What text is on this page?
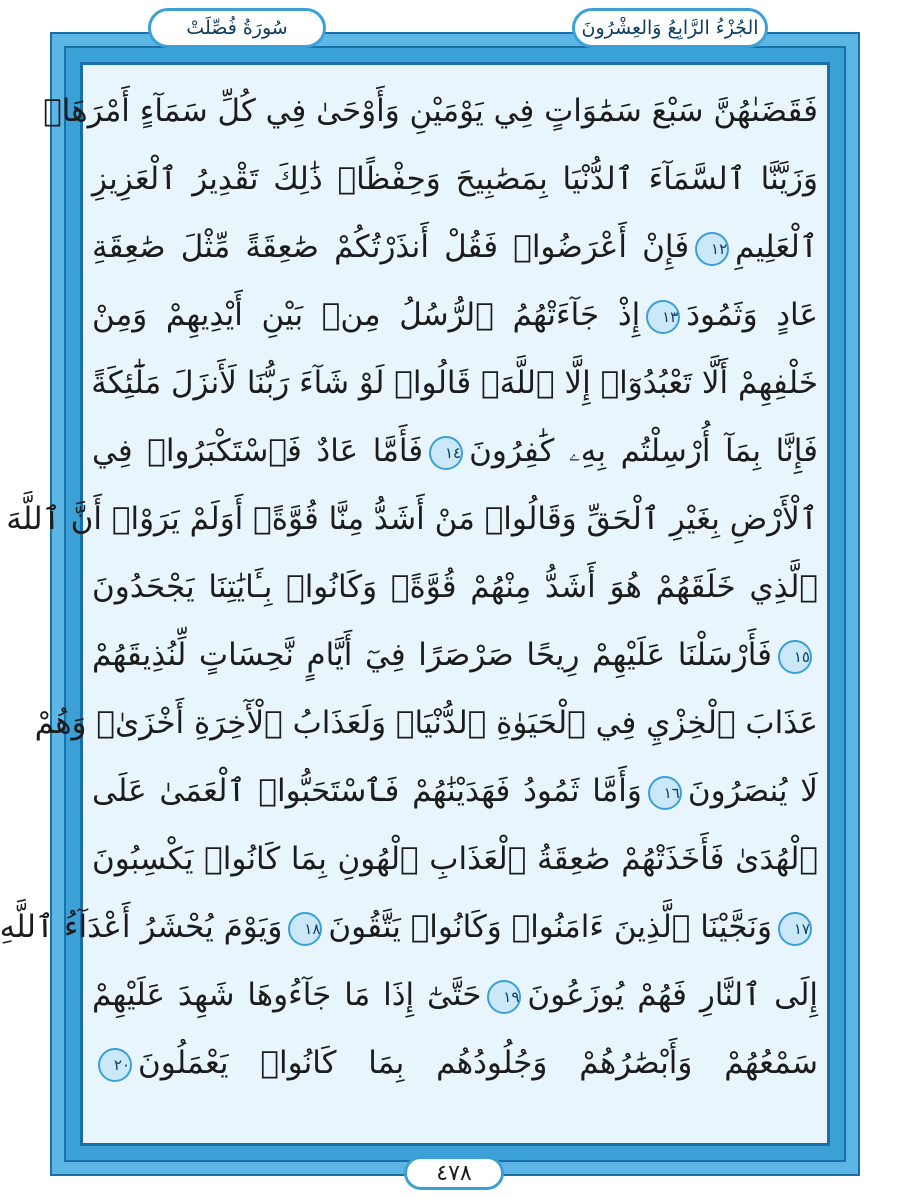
سُورَةُ فُصِّلَتْ	الجُزْءُ الرَّابِعُ وَالعِشْرُونَ
فَقَضَىٰهُنَّ سَبْعَ سَمَٰوَاتٍ فِي يَوْمَيْنِ وَأَوْحَىٰ فِي كُلِّ سَمَآءٍ أَمْرَهَاۚ
وَزَيَّنَّا ٱلسَّمَآءَ ٱلدُّنْيَا بِمَصَٰبِيحَ وَحِفْظًاۚ ذَٰلِكَ تَقْدِيرُ ٱلْعَزِيزِ
ٱلْعَلِيمِ١٢فَإِنْ أَعْرَضُوا۟ فَقُلْ أَنذَرْتُكُمْ صَٰعِقَةً مِّثْلَ صَٰعِقَةِ
عَادٍ وَثَمُودَ١٣إِذْ جَآءَتْهُمُ ٱلرُّسُلُ مِنۢ بَيْنِ أَيْدِيهِمْ وَمِنْ
خَلْفِهِمْ أَلَّا تَعْبُدُوٓا۟ إِلَّا ٱللَّهَۖ قَالُوا۟ لَوْ شَآءَ رَبُّنَا لَأَنزَلَ مَلَٰٓئِكَةً
فَإِنَّا بِمَآ أُرْسِلْتُم بِهِۦ كَٰفِرُونَ١٤فَأَمَّا عَادٌ فَٱسْتَكْبَرُوا۟ فِي
ٱلْأَرْضِ بِغَيْرِ ٱلْحَقِّ وَقَالُوا۟ مَنْ أَشَدُّ مِنَّا قُوَّةًۖ أَوَلَمْ يَرَوْا۟ أَنَّ ٱللَّهَ
ٱلَّذِي خَلَقَهُمْ هُوَ أَشَدُّ مِنْهُمْ قُوَّةًۖ وَكَانُوا۟ بِـَٔايَٰتِنَا يَجْحَدُونَ
١٥فَأَرْسَلْنَا عَلَيْهِمْ رِيحًا صَرْصَرًا فِيٓ أَيَّامٍ نَّحِسَاتٍ لِّنُذِيقَهُمْ
عَذَابَ ٱلْخِزْيِ فِي ٱلْحَيَوٰةِ ٱلدُّنْيَاۖ وَلَعَذَابُ ٱلْأٓخِرَةِ أَخْزَىٰۖ وَهُمْ
لَا يُنصَرُونَ١٦وَأَمَّا ثَمُودُ فَهَدَيْنَٰهُمْ فَٱسْتَحَبُّوا۟ ٱلْعَمَىٰ عَلَى
ٱلْهُدَىٰ فَأَخَذَتْهُمْ صَٰعِقَةُ ٱلْعَذَابِ ٱلْهُونِ بِمَا كَانُوا۟ يَكْسِبُونَ
١٧وَنَجَّيْنَا ٱلَّذِينَ ءَامَنُوا۟ وَكَانُوا۟ يَتَّقُونَ١٨وَيَوْمَ يُحْشَرُ أَعْدَآءُ ٱللَّهِ
إِلَى ٱلنَّارِ فَهُمْ يُوزَعُونَ١٩حَتَّىٰٓ إِذَا مَا جَآءُوهَا شَهِدَ عَلَيْهِمْ
سَمْعُهُمْ وَأَبْصَٰرُهُمْ وَجُلُودُهُم بِمَا كَانُوا۟ يَعْمَلُونَ٢٠
٤٧٨
